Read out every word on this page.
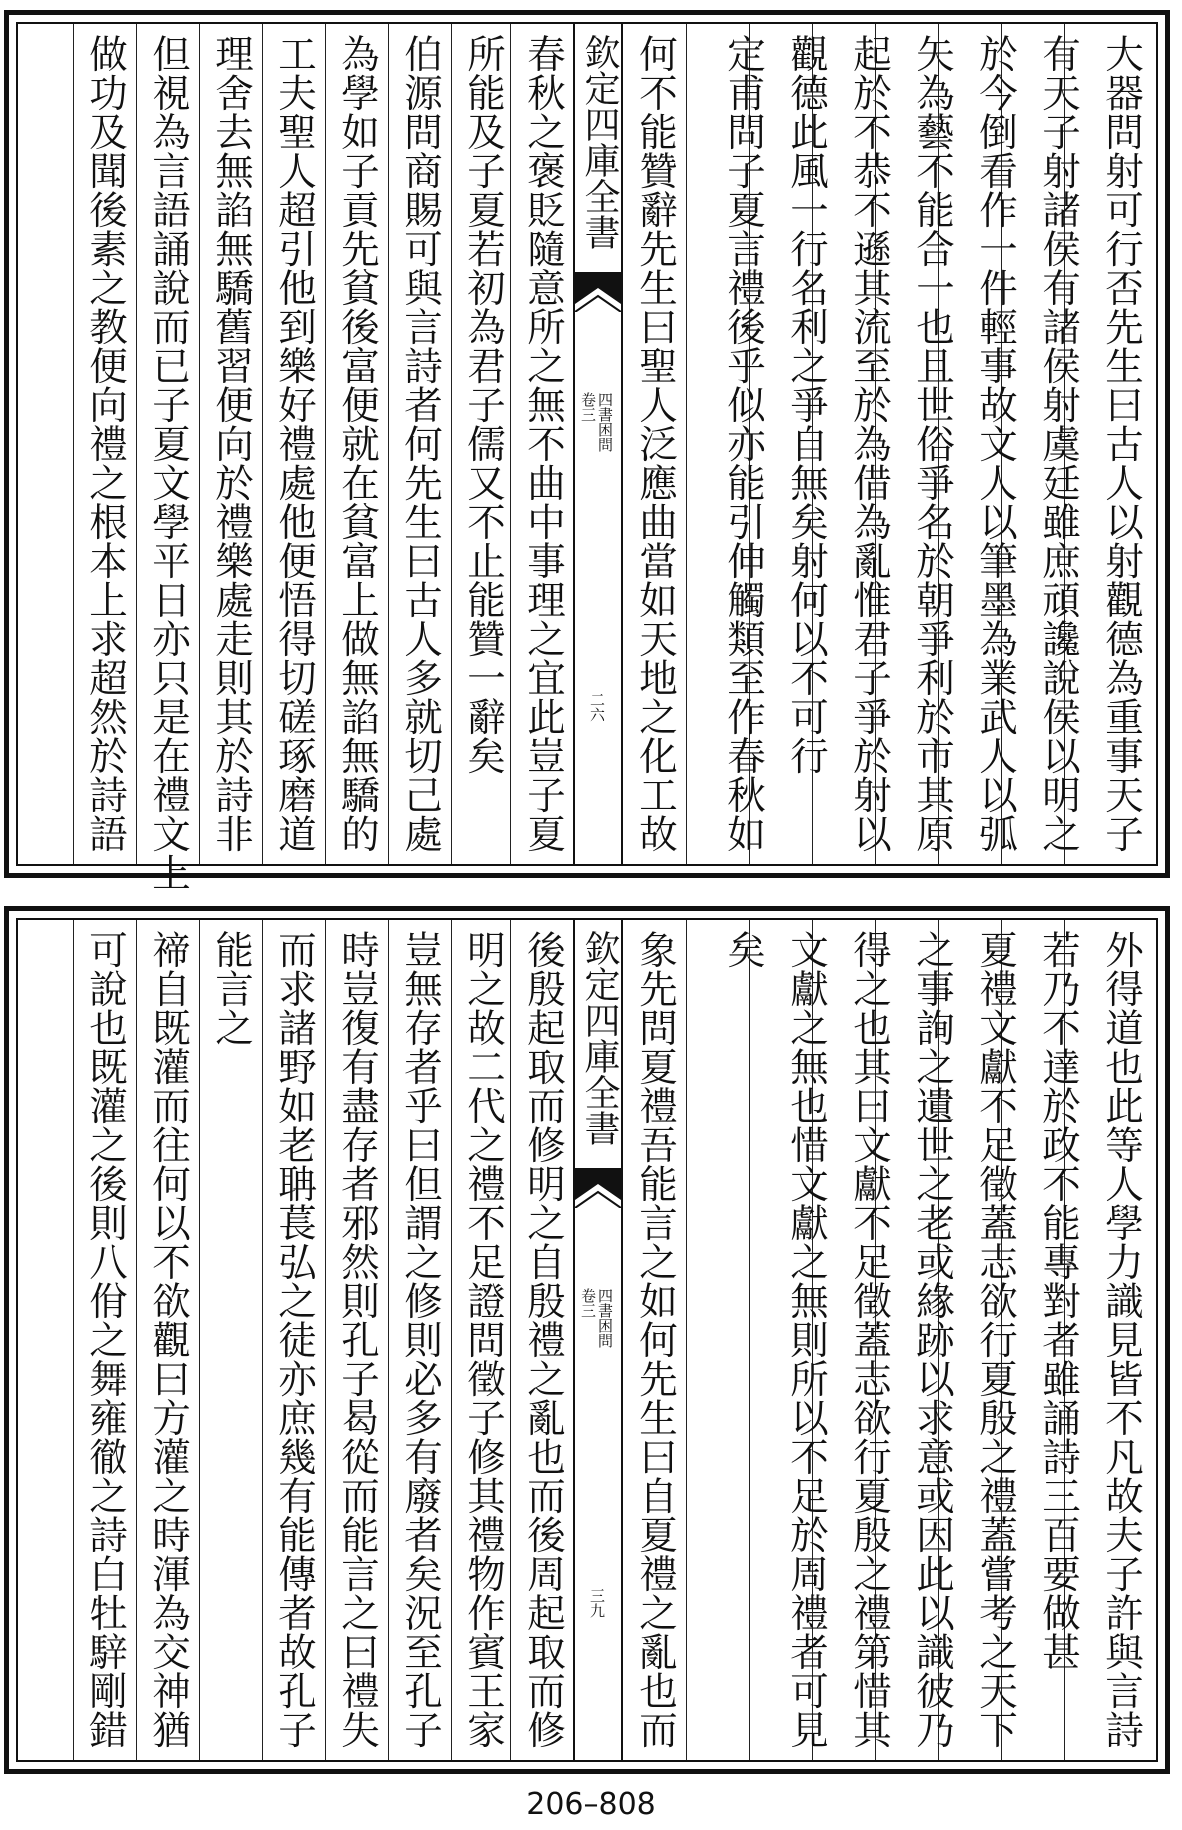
大器問射可行否先生曰古人以射觀德為重事天子
有天子射諸侯有諸侯射虞廷雖庶頑讒說侯以明之
於今倒看作一件輕事故文人以筆墨為業武人以弧
矢為藝不能合一也且世俗爭名於朝爭利於市其原
起於不恭不遜其流至於為借為亂惟君子爭於射以
觀德此風一行名利之爭自無矣射何以不可行
定甫問子夏言禮後乎似亦能引伸觸類至作春秋如
何不能贊辭先生曰聖人泛應曲當如天地之化工故
欽定四庫全書
四書困問
卷三
二六
春秋之褒貶隨意所之無不曲中事理之宜此豈子夏
所能及子夏若初為君子儒又不止能贊一辭矣
伯源問商賜可與言詩者何先生曰古人多就切己處
為學如子貢先貧後富便就在貧富上做無諂無驕的
工夫聖人超引他到樂好禮處他便悟得切磋琢磨道
理舍去無諂無驕舊習便向於禮樂處走則其於詩非
但視為言語誦說而已子夏文學平日亦只是在禮文上
做功及聞後素之教便向禮之根本上求超然於詩語
外得道也此等人學力識見皆不凡故夫子許與言詩
若乃不達於政不能專對者雖誦詩三百要做甚
夏禮文獻不足徵蓋志欲行夏殷之禮蓋嘗考之天下
之事詢之遺世之老或緣跡以求意或因此以識彼乃
得之也其曰文獻不足徵蓋志欲行夏殷之禮第惜其
文獻之無也惜文獻之無則所以不足於周禮者可見
矣
象先問夏禮吾能言之如何先生曰自夏禮之亂也而
欽定四庫全書
四書困問
卷三
三九
後殷起取而修明之自殷禮之亂也而後周起取而修
明之故二代之禮不足證問徵子修其禮物作賓王家
豈無存者乎曰但謂之修則必多有廢者矣況至孔子
時豈復有盡存者邪然則孔子曷從而能言之曰禮失
而求諸野如老聃萇弘之徒亦庶幾有能傳者故孔子
能言之
禘自既灌而往何以不欲觀曰方灌之時渾為交神猶
可說也既灌之後則八佾之舞雍徹之詩白牡騂剛錯
206–808
